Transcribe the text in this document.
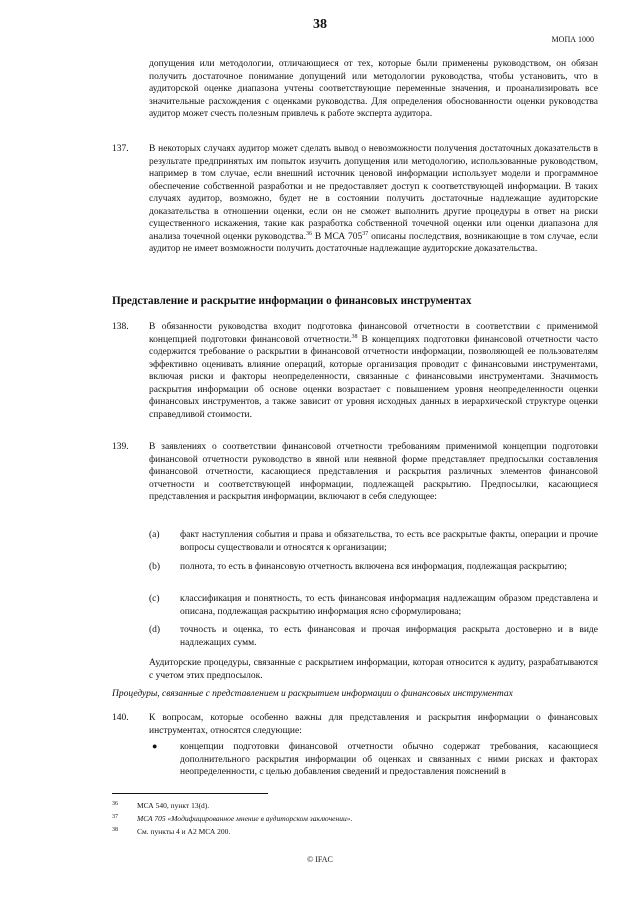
38
МОПА 1000
допущения или методологии, отличающиеся от тех, которые были применены руководством, он обязан получить достаточное понимание допущений или методологии руководства, чтобы установить, что в аудиторской оценке диапазона учтены соответствующие переменные значения, и проанализировать все значительные расхождения с оценками руководства. Для определения обоснованности оценки руководства аудитор может счесть полезным привлечь к работе эксперта аудитора.
137.	В некоторых случаях аудитор может сделать вывод о невозможности получения достаточных доказательств в результате предпринятых им попыток изучить допущения или методологию, использованные руководством, например в том случае, если внешний источник ценовой информации использует модели и программное обеспечение собственной разработки и не предоставляет доступ к соответствующей информации. В таких случаях аудитор, возможно, будет не в состоянии получить достаточные надлежащие аудиторские доказательства в отношении оценки, если он не сможет выполнить другие процедуры в ответ на риски существенного искажения, такие как разработка собственной точечной оценки или оценки диапазона для анализа точечной оценки руководства.$^{36}$ В МСА $705^{37}$ описаны последствия, возникающие в том случае, если аудитор не имеет возможности получить достаточные надлежащие аудиторские доказательства.
Представление и раскрытие информации о финансовых инструментах
138.	В обязанности руководства входит подготовка финансовой отчетности в соответствии с применимой концепцией подготовки финансовой отчетности.$^{38}$ В концепциях подготовки финансовой отчетности часто содержится требование о раскрытии в финансовой отчетности информации, позволяющей ее пользователям эффективно оценивать влияние операций, которые организация проводит с финансовыми инструментами, включая риски и факторы неопределенности, связанные с финансовыми инструментами. Значимость раскрытия информации об основе оценки возрастает с повышением уровня неопределенности оценки финансовых инструментов, а также зависит от уровня исходных данных в иерархической структуре оценки справедливой стоимости.
139.	В заявлениях о соответствии финансовой отчетности требованиям применимой концепции подготовки финансовой отчетности руководство в явной или неявной форме представляет предпосылки составления финансовой отчетности, касающиеся представления и раскрытия различных элементов финансовой отчетности и соответствующей информации, подлежащей раскрытию. Предпосылки, касающиеся представления и раскрытия информации, включают в себя следующее:
(a)	факт наступления события и права и обязательства, то есть все раскрытые факты, операции и прочие вопросы существовали и относятся к организации;
(b)	полнота, то есть в финансовую отчетность включена вся информация, подлежащая раскрытию;
(c)	классификация и понятность, то есть финансовая информация надлежащим образом представлена и описана, подлежащая раскрытию информация ясно сформулирована;
(d)	точность и оценка, то есть финансовая и прочая информация раскрыта достоверно и в виде надлежащих сумм.
Аудиторские процедуры, связанные с раскрытием информации, которая относится к аудиту, разрабатываются с учетом этих предпосылок.
Процедуры, связанные с представлением и раскрытием информации о финансовых инструментах
140.	К вопросам, которые особенно важны для представления и раскрытия информации о финансовых инструментах, относятся следующие:
● концепции подготовки финансовой отчетности обычно содержат требования, касающиеся дополнительного раскрытия информации об оценках и связанных с ними рисках и факторах неопределенности, с целью добавления сведений и предоставления пояснений в
36	МСА 540, пункт 13(d).
37	МСА 705 «Модифицированное мнение в аудиторском заключении».
38	См. пункты 4 и А2 МСА 200.
© IFAC
